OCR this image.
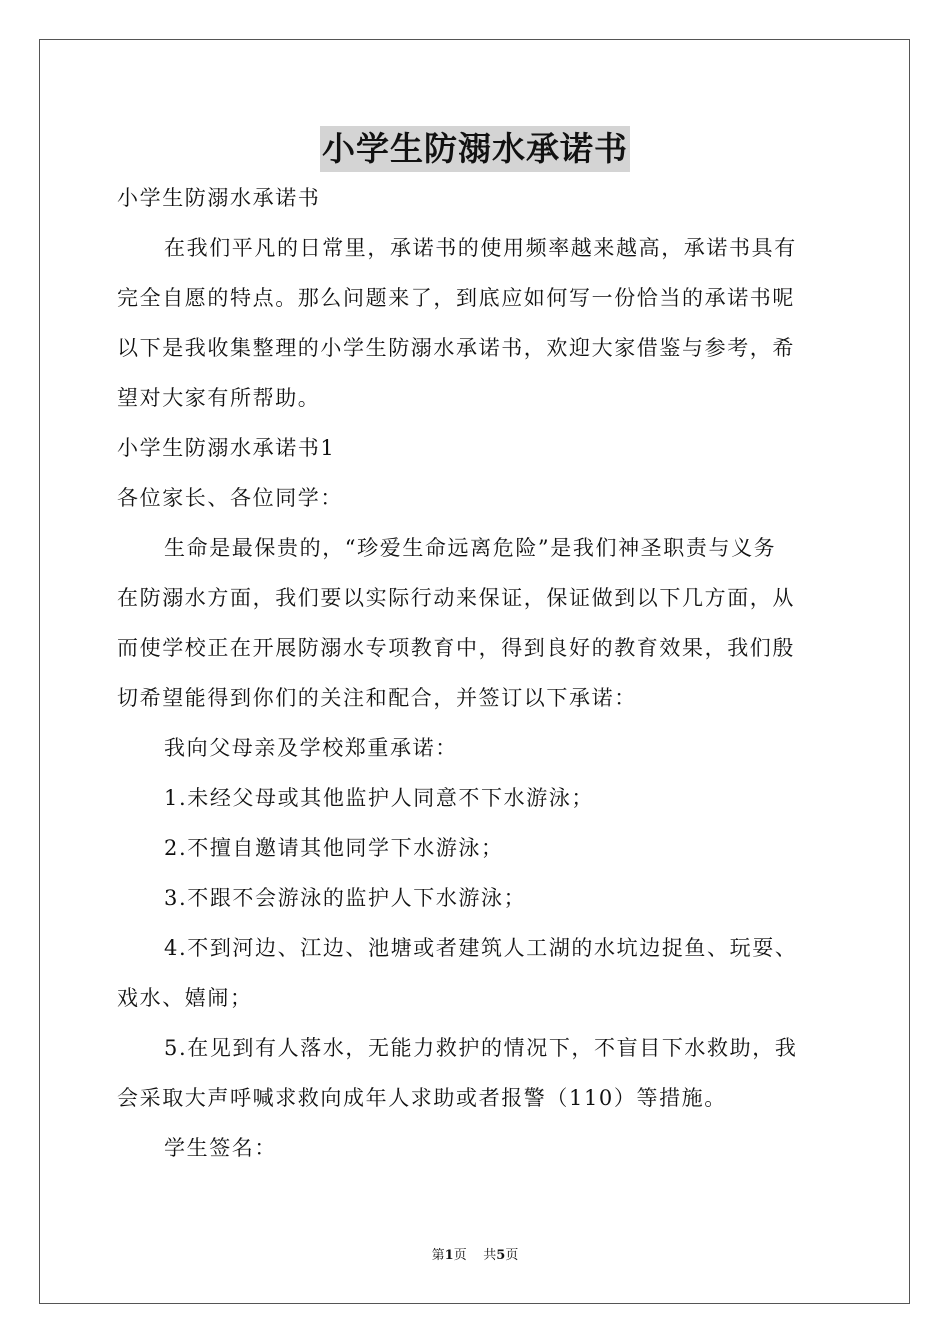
小学生防溺水承诺书
小学生防溺水承诺书
在我们平凡的日常里，承诺书的使用频率越来越高，承诺书具有
完全自愿的特点。那么问题来了，到底应如何写一份恰当的承诺书呢
以下是我收集整理的小学生防溺水承诺书，欢迎大家借鉴与参考，希
望对大家有所帮助。
小学生防溺水承诺书1
各位家长、各位同学：
生命是最保贵的，“珍爱生命远离危险”是我们神圣职责与义务
在防溺水方面，我们要以实际行动来保证，保证做到以下几方面，从
而使学校正在开展防溺水专项教育中，得到良好的教育效果，我们殷
切希望能得到你们的关注和配合，并签订以下承诺：
我向父母亲及学校郑重承诺：
1.未经父母或其他监护人同意不下水游泳；
2.不擅自邀请其他同学下水游泳；
3.不跟不会游泳的监护人下水游泳；
4.不到河边、江边、池塘或者建筑人工湖的水坑边捉鱼、玩耍、
戏水、嬉闹；
5.在见到有人落水，无能力救护的情况下，不盲目下水救助，我
会采取大声呼喊求救向成年人求助或者报警（110）等措施。
学生签名：
第1页 共5页
